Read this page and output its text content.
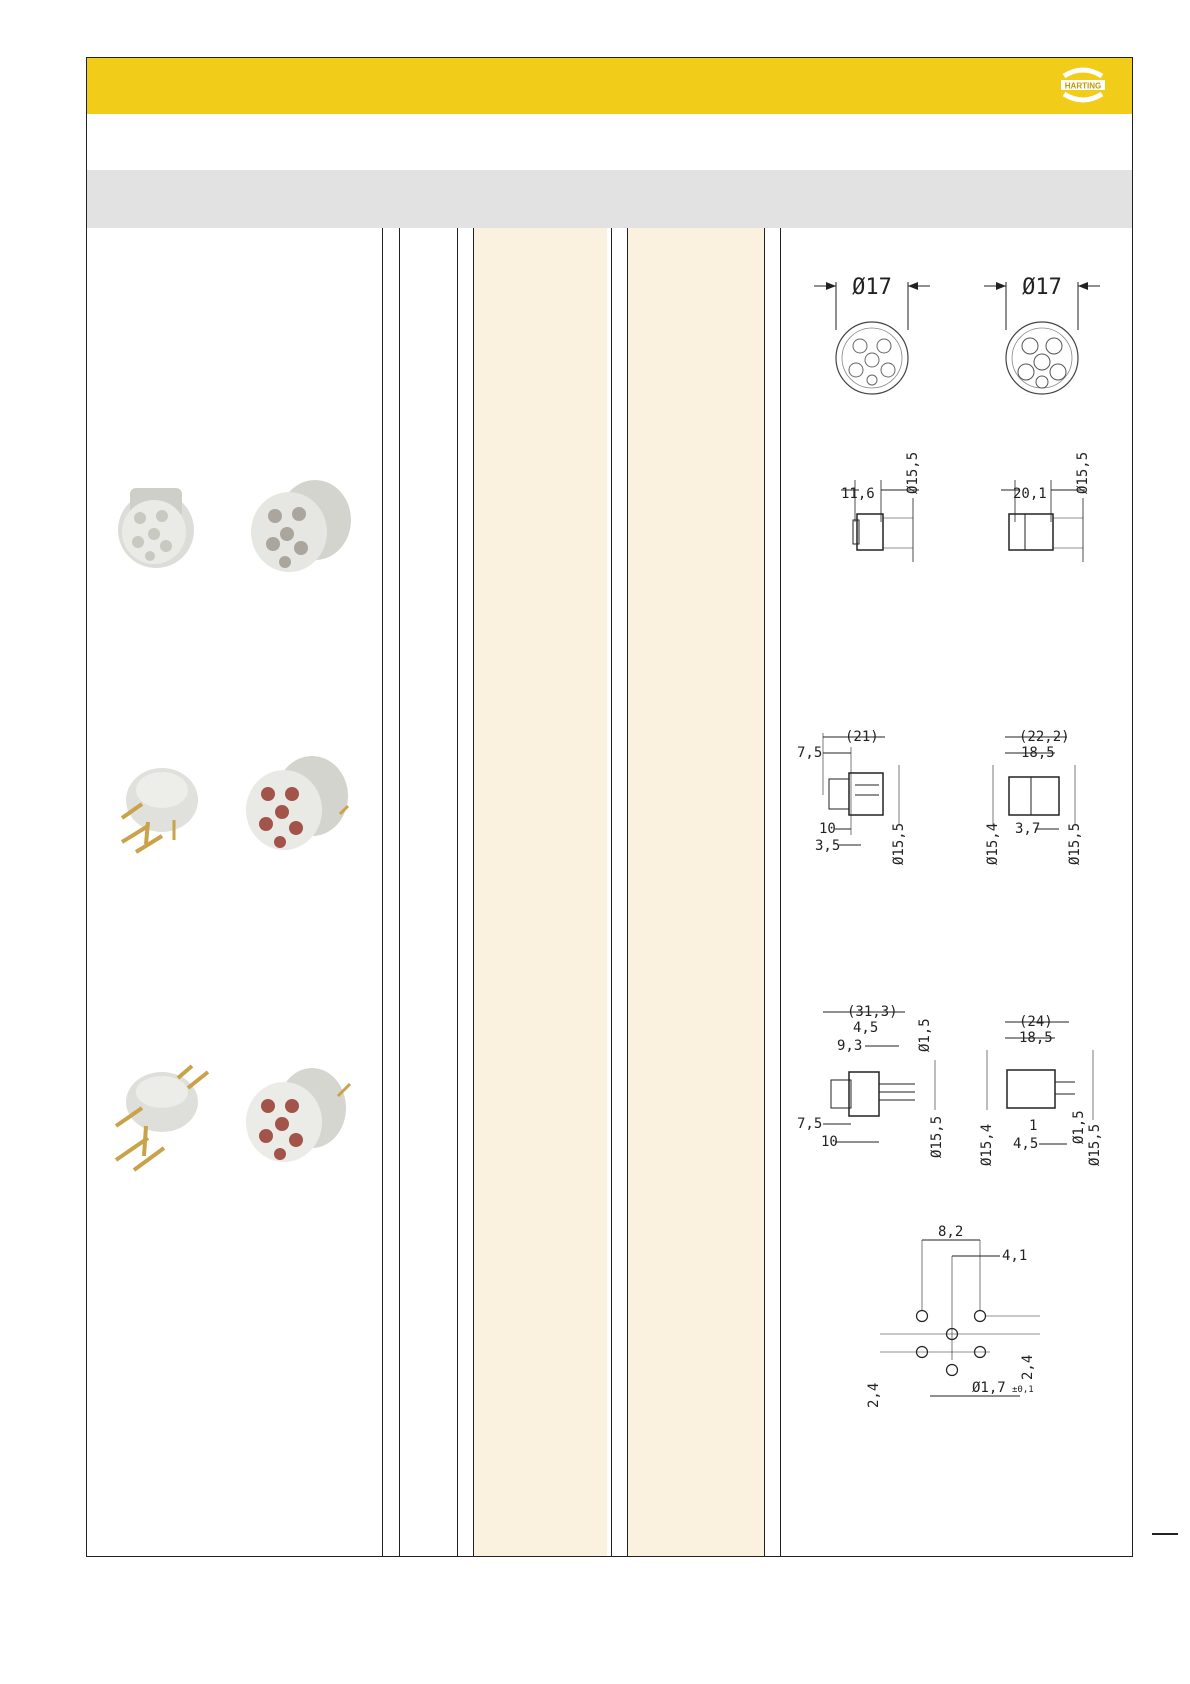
HARTING
Ø17	Ø17
11,6 Ø15,5	20,1 Ø15,5
(21)
7,5
10
3,5	Ø15,5
(22,2)
18,5
3,7
Ø15,4	Ø15,5
(31,3)
4,5
9,3	Ø1,5
7,5
10	Ø15,5
(24)
18,5
1
4,5
Ø15,4	Ø1,5 Ø15,5
8,2
4,1
2,4
2,4
Ø1,7 ±0,1
